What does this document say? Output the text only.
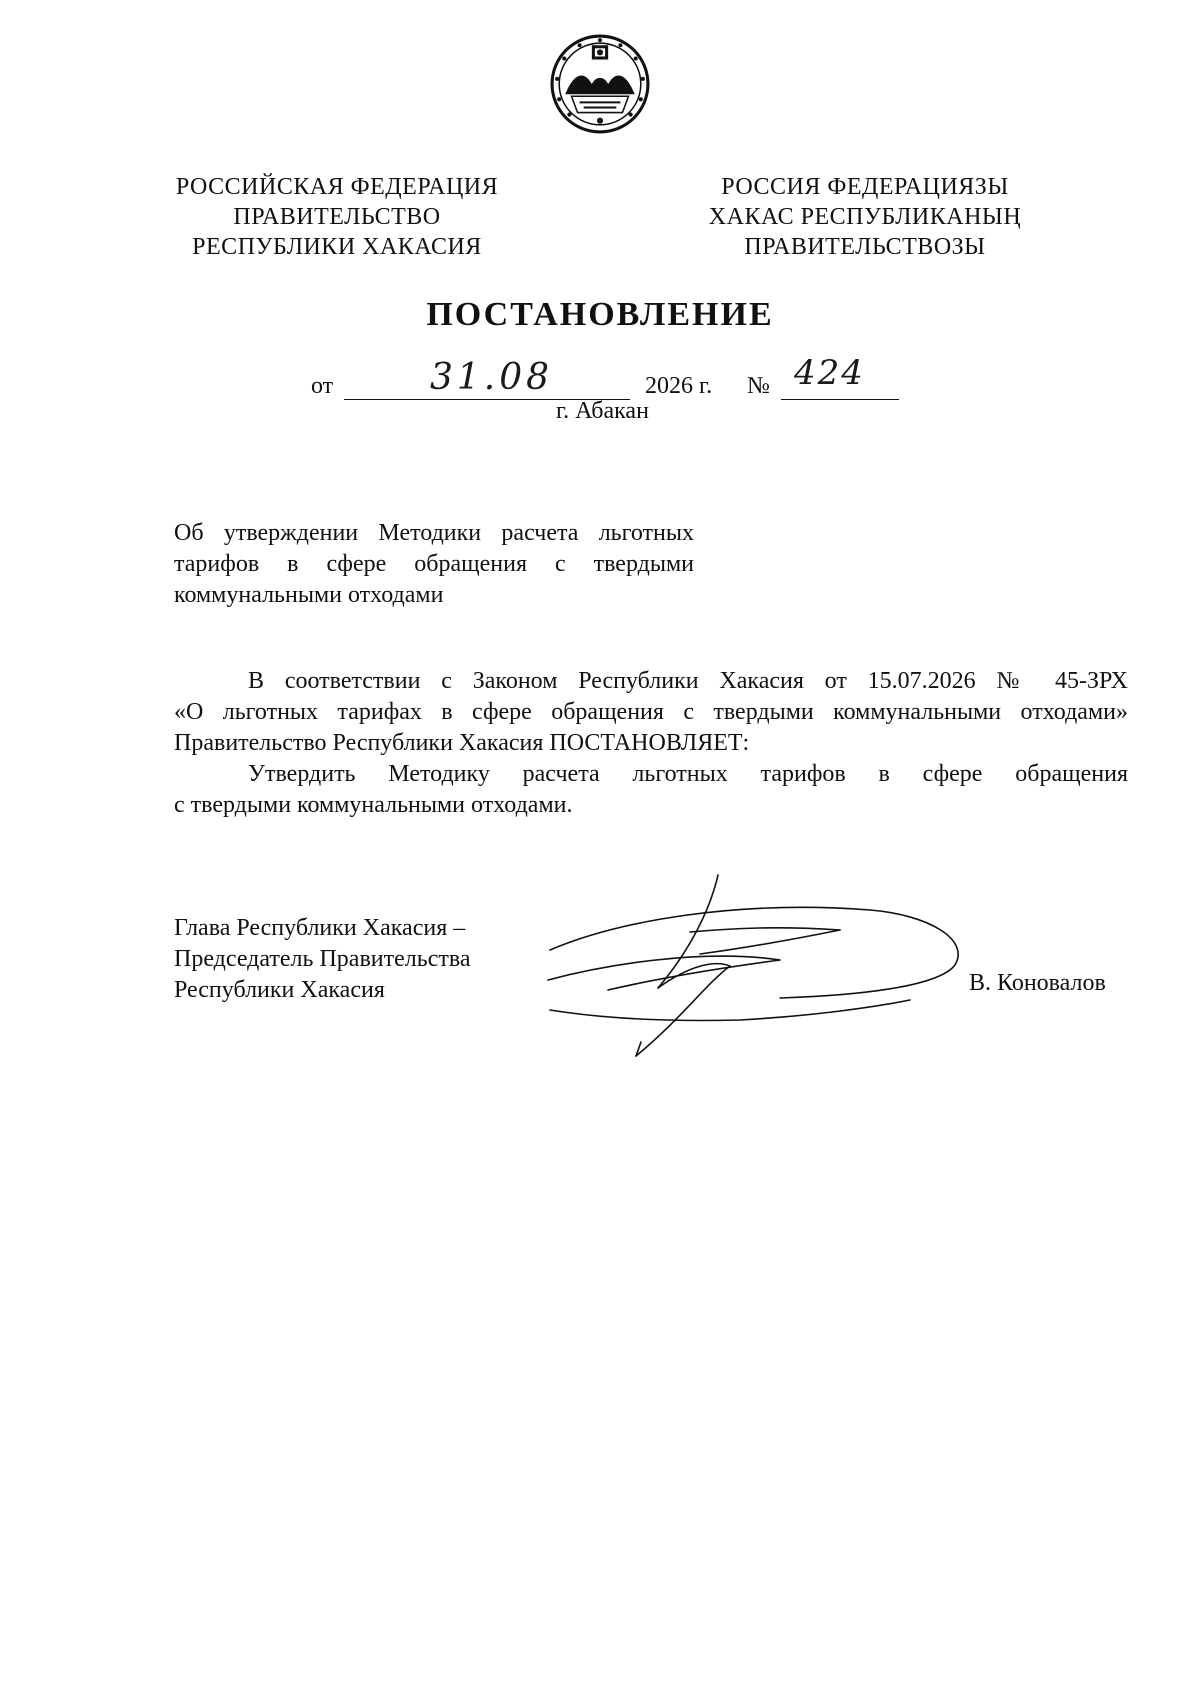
РОССИЙСКАЯ ФЕДЕРАЦИЯ
ПРАВИТЕЛЬСТВО
РЕСПУБЛИКИ ХАКАСИЯ
РОССИЯ ФЕДЕРАЦИЯЗЫ
ХАКАС РЕСПУБЛИКАНЫҢ
ПРАВИТЕЛЬСТВОЗЫ
ПОСТАНОВЛЕНИЕ
от	31.08	2026 г. № 424
г. Абакан
Об утверждении Методики расчета льготных
тарифов в сфере обращения с твердыми
коммунальными отходами
В соответствии с Законом Республики Хакасия от 15.07.2026 № 45-ЗРХ
«О льготных тарифах в сфере обращения с твердыми коммунальными отходами»
Правительство Республики Хакасия ПОСТАНОВЛЯЕТ:
Утвердить Методику расчета льготных тарифов в сфере обращения
с твердыми коммунальными отходами.
Глава Республики Хакасия –
Председатель Правительства
Республики Хакасия	В. Коновалов
